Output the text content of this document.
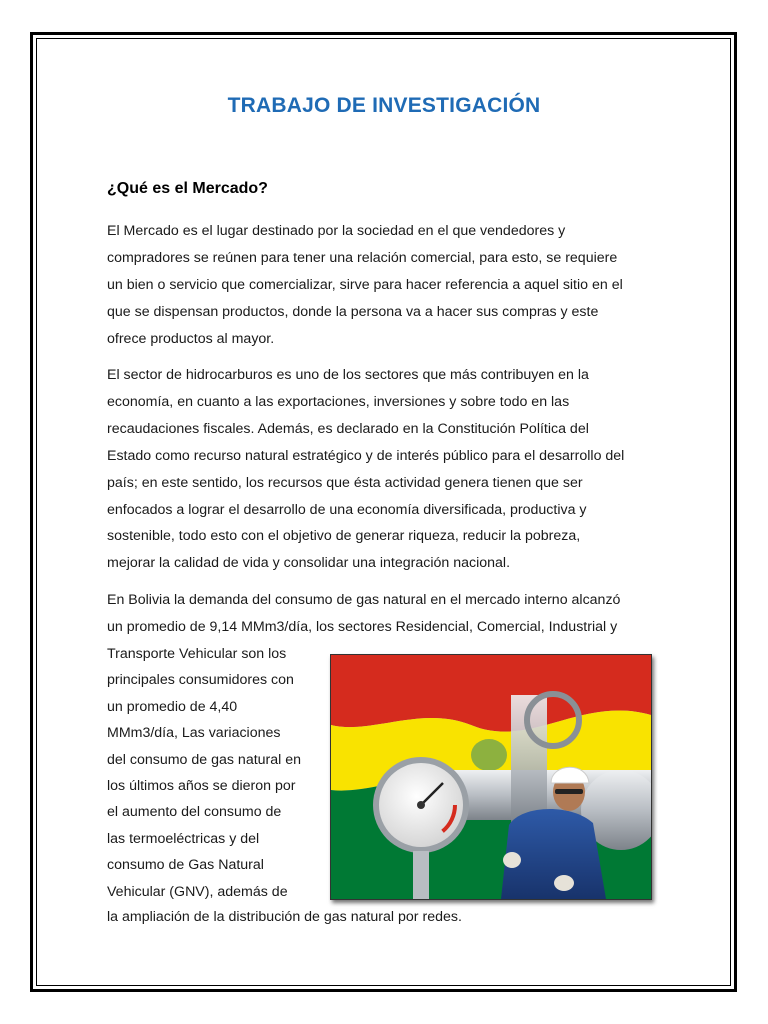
TRABAJO DE INVESTIGACIÓN
¿Qué es el Mercado?
El Mercado es el lugar destinado por la sociedad en el que vendedores y
compradores se reúnen para tener una relación comercial, para esto, se requiere
un bien o servicio que comercializar, sirve para hacer referencia a aquel sitio en el
que se dispensan productos, donde la persona va a hacer sus compras y este
ofrece productos al mayor.
El sector de hidrocarburos es uno de los sectores que más contribuyen en la
economía, en cuanto a las exportaciones, inversiones y sobre todo en las
recaudaciones fiscales. Además, es declarado en la Constitución Política del
Estado como recurso natural estratégico y de interés público para el desarrollo del
país; en este sentido, los recursos que ésta actividad genera tienen que ser
enfocados a lograr el desarrollo de una economía diversificada, productiva y
sostenible, todo esto con el objetivo de generar riqueza, reducir la pobreza,
mejorar la calidad de vida y consolidar una integración nacional.
En Bolivia la demanda del consumo de gas natural en el mercado interno alcanzó
un promedio de 9,14 MMm3/día, los sectores Residencial, Comercial, Industrial y
Transporte Vehicular son los
principales consumidores con
un promedio de 4,40
MMm3/día, Las variaciones
del consumo de gas natural en
los últimos años se dieron por
el aumento del consumo de
las termoeléctricas y del
consumo de Gas Natural
Vehicular (GNV), además de
la ampliación de la distribución de gas natural por redes.
